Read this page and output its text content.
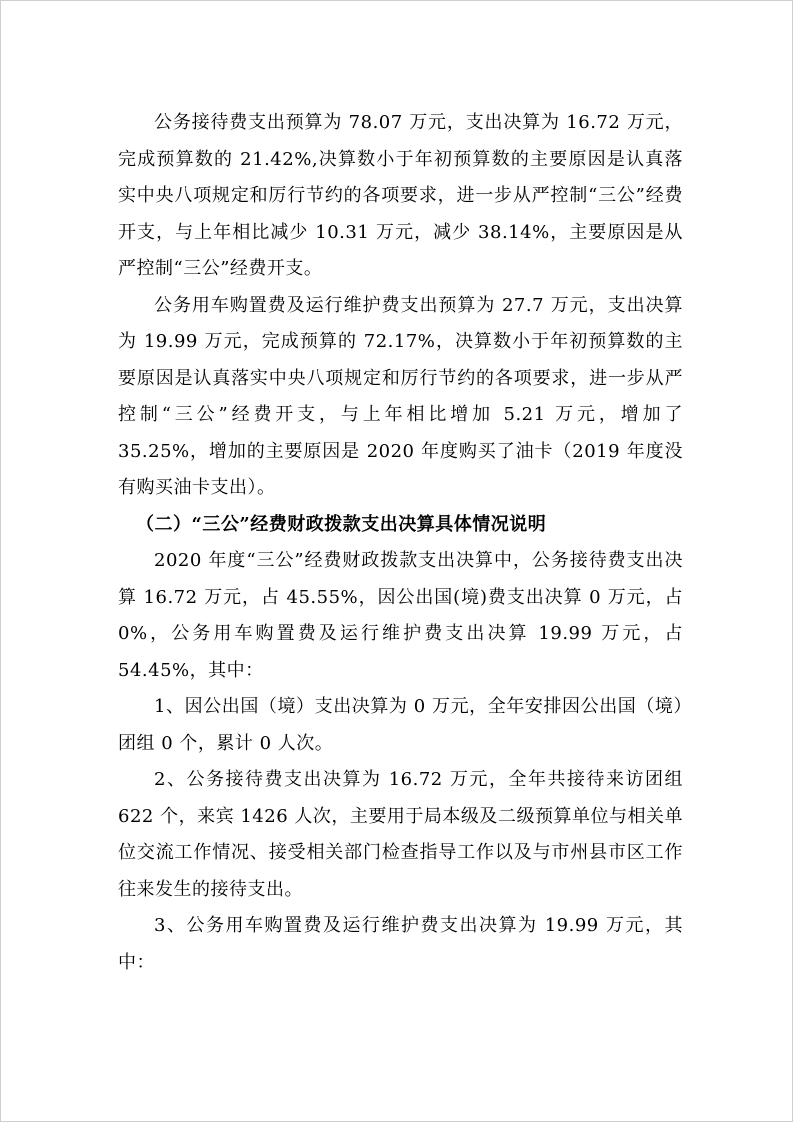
公务接待费支出预算为 78.07 万元，支出决算为 16.72 万元，完成预算数的 21.42%,决算数小于年初预算数的主要原因是认真落实中央八项规定和厉行节约的各项要求，进一步从严控制“三公”经费开支，与上年相比减少 10.31 万元，减少 38.14%，主要原因是从严控制“三公”经费开支。

公务用车购置费及运行维护费支出预算为 27.7 万元，支出决算为 19.99 万元，完成预算的 72.17%，决算数小于年初预算数的主要原因是认真落实中央八项规定和厉行节约的各项要求，进一步从严控制“三公”经费开支，与上年相比增加 5.21 万元，增加了 35.25%，增加的主要原因是 2020 年度购买了油卡（2019 年度没有购买油卡支出）。

（二）“三公”经费财政拨款支出决算具体情况说明

2020 年度“三公”经费财政拨款支出决算中，公务接待费支出决算 16.72 万元，占 45.55%，因公出国(境)费支出决算 0 万元，占 0%，公务用车购置费及运行维护费支出决算 19.99 万元，占 54.45%，其中：

1、因公出国（境）支出决算为 0 万元，全年安排因公出国（境）团组 0 个，累计 0 人次。

2、公务接待费支出决算为 16.72 万元，全年共接待来访团组 622 个，来宾 1426 人次，主要用于局本级及二级预算单位与相关单位交流工作情况、接受相关部门检查指导工作以及与市州县市区工作往来发生的接待支出。

3、公务用车购置费及运行维护费支出决算为 19.99 万元，其中：
